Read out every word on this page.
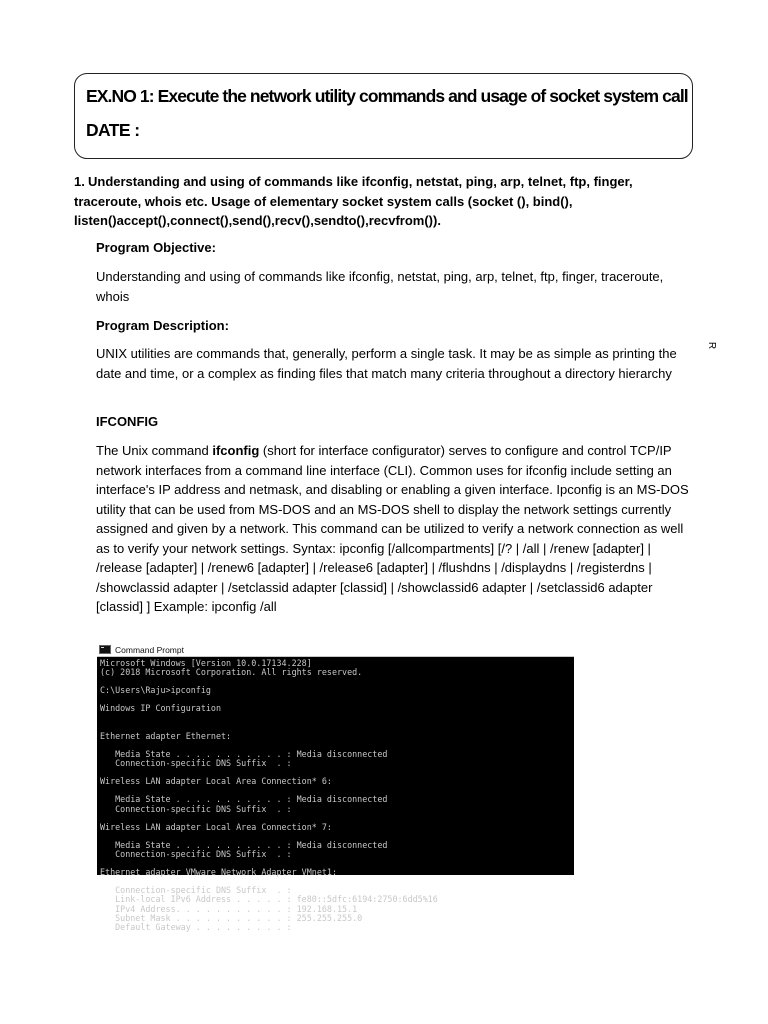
EX.NO 1: Execute the network utility commands and usage of socket system call
DATE :
1. Understanding and using of commands like ifconfig, netstat, ping, arp, telnet, ftp, finger, traceroute, whois etc. Usage of elementary socket system calls (socket (), bind(), listen()accept(),connect(),send(),recv(),sendto(),recvfrom()).
Program Objective:
Understanding and using of commands like ifconfig, netstat, ping, arp, telnet, ftp, finger, traceroute, whois
Program Description:
UNIX utilities are commands that, generally, perform a single task. It may be as simple as printing the date and time, or a complex as finding files that match many criteria throughout a directory hierarchy
IFCONFIG
The Unix command ifconfig (short for interface configurator) serves to configure and control TCP/IP network interfaces from a command line interface (CLI). Common uses for ifconfig include setting an interface's IP address and netmask, and disabling or enabling a given interface. Ipconfig is an MS-DOS utility that can be used from MS-DOS and an MS-DOS shell to display the network settings currently assigned and given by a network. This command can be utilized to verify a network connection as well as to verify your network settings. Syntax: ipconfig [/allcompartments] [/? | /all | /renew [adapter] | /release [adapter] | /renew6 [adapter] | /release6 [adapter] | /flushdns | /displaydns | /registerdns | /showclassid adapter | /setclassid adapter [classid] | /showclassid6 adapter | /setclassid6 adapter [classid] ] Example: ipconfig /all
R
Command Prompt
Microsoft Windows [Version 10.0.17134.228]
(c) 2018 Microsoft Corporation. All rights reserved.

C:\Users\Raju>ipconfig

Windows IP Configuration

Ethernet adapter Ethernet:

Media State . . . . . . . . . . . : Media disconnected
Connection-specific DNS Suffix  . :

Wireless LAN adapter Local Area Connection* 6:

Media State . . . . . . . . . . . : Media disconnected
Connection-specific DNS Suffix  . :

Wireless LAN adapter Local Area Connection* 7:

Media State . . . . . . . . . . . : Media disconnected
Connection-specific DNS Suffix  . :

Ethernet adapter VMware Network Adapter VMnet1:

Connection-specific DNS Suffix  . :
Link-local IPv6 Address . . . . . : fe80::5dfc:6194:2750:6dd5%16
IPv4 Address. . . . . . . . . . . : 192.168.15.1
Subnet Mask . . . . . . . . . . . : 255.255.255.0
Default Gateway . . . . . . . . . :
